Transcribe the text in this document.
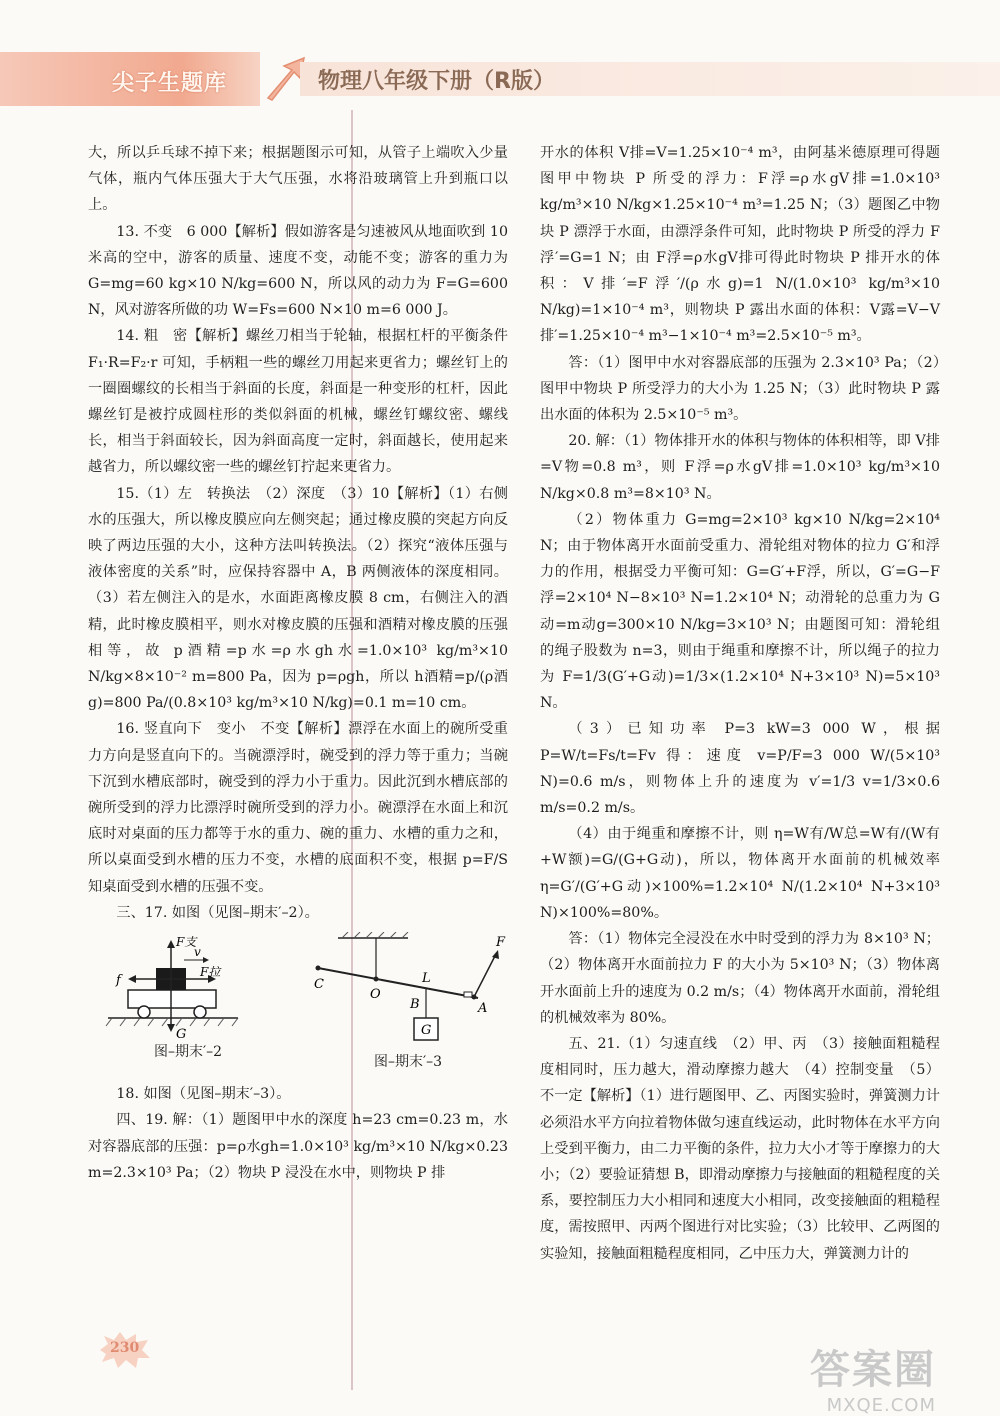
尖子生题库	物理八年级下册（R版）

大，所以乒乓球不掉下来；根据题图示可知，从管子上端吹入少量气体，瓶内气体压强大于大气压强，水将沿玻璃管上升到瓶口以上。

13. 不变　6 000【解析】假如游客是匀速被风从地面吹到 10 米高的空中，游客的质量、速度不变，动能不变；游客的重力为 G=mg=60 kg×10 N/kg=600 N，所以风的动力为 F=G=600 N，风对游客所做的功 W=Fs=600 N×10 m=6 000 J。

14. 粗　密【解析】螺丝刀相当于轮轴，根据杠杆的平衡条件 F₁·R=F₂·r 可知，手柄粗一些的螺丝刀用起来更省力；螺丝钉上的一圈圈螺纹的长相当于斜面的长度，斜面是一种变形的杠杆，因此螺丝钉是被拧成圆柱形的类似斜面的机械，螺丝钉螺纹密、螺线长，相当于斜面较长，因为斜面高度一定时，斜面越长，使用起来越省力，所以螺纹密一些的螺丝钉拧起来更省力。

15.（1）左　转换法　（2）深度　（3）10【解析】（1）右侧水的压强大，所以橡皮膜应向左侧突起；通过橡皮膜的突起方向反映了两边压强的大小，这种方法叫转换法。（2）探究“液体压强与液体密度的关系”时，应保持容器中 A，B 两侧液体的深度相同。（3）若左侧注入的是水，水面距离橡皮膜 8 cm，右侧注入的酒精，此时橡皮膜相平，则水对橡皮膜的压强和酒精对橡皮膜的压强相等，故 p酒精=p水=ρ水gh水=1.0×10³ kg/m³×10 N/kg×8×10⁻² m=800 Pa，因为 p=ρgh，所以 h酒精=p/(ρ酒g)=800 Pa/(0.8×10³ kg/m³×10 N/kg)=0.1 m=10 cm。

16. 竖直向下　变小　不变【解析】漂浮在水面上的碗所受重力方向是竖直向下的。当碗漂浮时，碗受到的浮力等于重力；当碗下沉到水槽底部时，碗受到的浮力小于重力。因此沉到水槽底部的碗所受到的浮力比漂浮时碗所受到的浮力小。碗漂浮在水面上和沉底时对桌面的压力都等于水的重力、碗的重力、水槽的重力之和，所以桌面受到水槽的压力不变，水槽的底面积不变，根据 p=F/S 知桌面受到水槽的压强不变。

三、17. 如图（见图–期末′–2）。

F支
v
F拉
f
G
图–期末′–2
C
O
L
B	A
F
G
图–期末′–3

18. 如图（见图–期末′–3）。

四、19. 解：（1）题图甲中水的深度 h=23 cm=0.23 m，水对容器底部的压强：p=ρ水gh=1.0×10³ kg/m³×10 N/kg×0.23 m=2.3×10³ Pa；（2）物块 P 浸没在水中，则物块 P 排

开水的体积 V排=V=1.25×10⁻⁴ m³，由阿基米德原理可得题图甲中物块 P 所受的浮力：F浮=ρ水gV排=1.0×10³ kg/m³×10 N/kg×1.25×10⁻⁴ m³=1.25 N；（3）题图乙中物块 P 漂浮于水面，由漂浮条件可知，此时物块 P 所受的浮力 F浮′=G=1 N；由 F浮=ρ水gV排可得此时物块 P 排开水的体积：V排′=F浮′/(ρ水g)=1 N/(1.0×10³ kg/m³×10 N/kg)=1×10⁻⁴ m³，则物块 P 露出水面的体积：V露=V−V排′=1.25×10⁻⁴ m³−1×10⁻⁴ m³=2.5×10⁻⁵ m³。

答：（1）图甲中水对容器底部的压强为 2.3×10³ Pa；（2）图甲中物块 P 所受浮力的大小为 1.25 N；（3）此时物块 P 露出水面的体积为 2.5×10⁻⁵ m³。

20. 解：（1）物体排开水的体积与物体的体积相等，即 V排=V物=0.8 m³，则 F浮=ρ水gV排=1.0×10³ kg/m³×10 N/kg×0.8 m³=8×10³ N。

（2）物体重力 G=mg=2×10³ kg×10 N/kg=2×10⁴ N；由于物体离开水面前受重力、滑轮组对物体的拉力 G′和浮力的作用，根据受力平衡可知：G=G′+F浮，所以，G′=G−F浮=2×10⁴ N−8×10³ N=1.2×10⁴ N；动滑轮的总重力为 G动=m动g=300×10 N/kg=3×10³ N；由题图可知：滑轮组的绳子股数为 n=3，则由于绳重和摩擦不计，所以绳子的拉力为 F=1/3(G′+G动)=1/3×(1.2×10⁴ N+3×10³ N)=5×10³ N。

（3）已知功率 P=3 kW=3 000 W，根据 P=W/t=Fs/t=Fv 得：速度 v=P/F=3 000 W/(5×10³ N)=0.6 m/s，则物体上升的速度为 v′=1/3 v=1/3×0.6 m/s=0.2 m/s。

（4）由于绳重和摩擦不计，则 η=W有/W总=W有/(W有+W额)=G/(G+G动)，所以，物体离开水面前的机械效率 η=G′/(G′+G动)×100%=1.2×10⁴ N/(1.2×10⁴ N+3×10³ N)×100%=80%。

答：（1）物体完全浸没在水中时受到的浮力为 8×10³ N；（2）物体离开水面前拉力 F 的大小为 5×10³ N；（3）物体离开水面前上升的速度为 0.2 m/s；（4）物体离开水面前，滑轮组的机械效率为 80%。

五、21.（1）匀速直线　（2）甲、丙　（3）接触面粗糙程度相同时，压力越大，滑动摩擦力越大　（4）控制变量　（5）不一定【解析】（1）进行题图甲、乙、丙图实验时，弹簧测力计必须沿水平方向拉着物体做匀速直线运动，此时物体在水平方向上受到平衡力，由二力平衡的条件，拉力大小才等于摩擦力的大小；（2）要验证猜想 B，即滑动摩擦力与接触面的粗糙程度的关系，要控制压力大小相同和速度大小相同，改变接触面的粗糙程度，需按照甲、丙两个图进行对比实验；（3）比较甲、乙两图的实验知，接触面粗糙程度相同，乙中压力大，弹簧测力计的

230	答案圈
MXQE.COM
